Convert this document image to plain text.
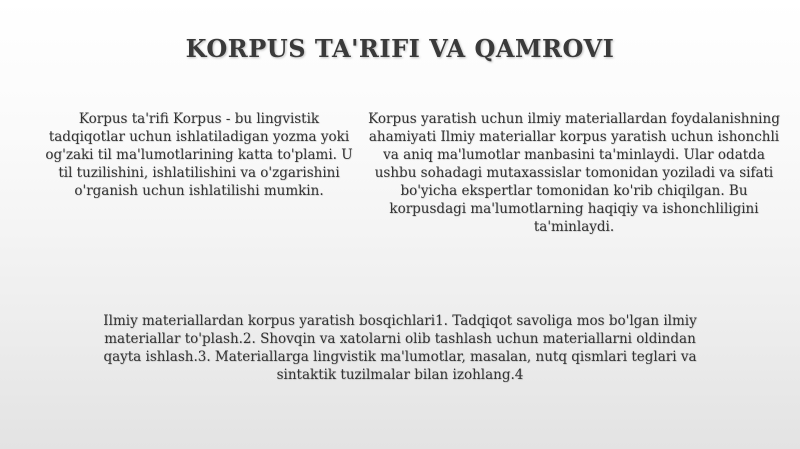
KORPUS TA'RIFI VA QAMROVI

Korpus ta'rifi Korpus - bu lingvistik tadqiqotlar uchun ishlatiladigan yozma yoki og'zaki til ma'lumotlarining katta to'plami. U til tuzilishini, ishlatilishini va o'zgarishini o'rganish uchun ishlatilishi mumkin.

Korpus yaratish uchun ilmiy materiallardan foydalanishning ahamiyati Ilmiy materiallar korpus yaratish uchun ishonchli va aniq ma'lumotlar manbasini ta'minlaydi. Ular odatda ushbu sohadagi mutaxassislar tomonidan yoziladi va sifati bo'yicha ekspertlar tomonidan ko'rib chiqilgan. Bu korpusdagi ma'lumotlarning haqiqiy va ishonchliligini ta'minlaydi.

Ilmiy materiallardan korpus yaratish bosqichlari1. Tadqiqot savoliga mos bo'lgan ilmiy materiallar to'plash.2. Shovqin va xatolarni olib tashlash uchun materiallarni oldindan qayta ishlash.3. Materiallarga lingvistik ma'lumotlar, masalan, nutq qismlari teglari va sintaktik tuzilmalar bilan izohlang.4
